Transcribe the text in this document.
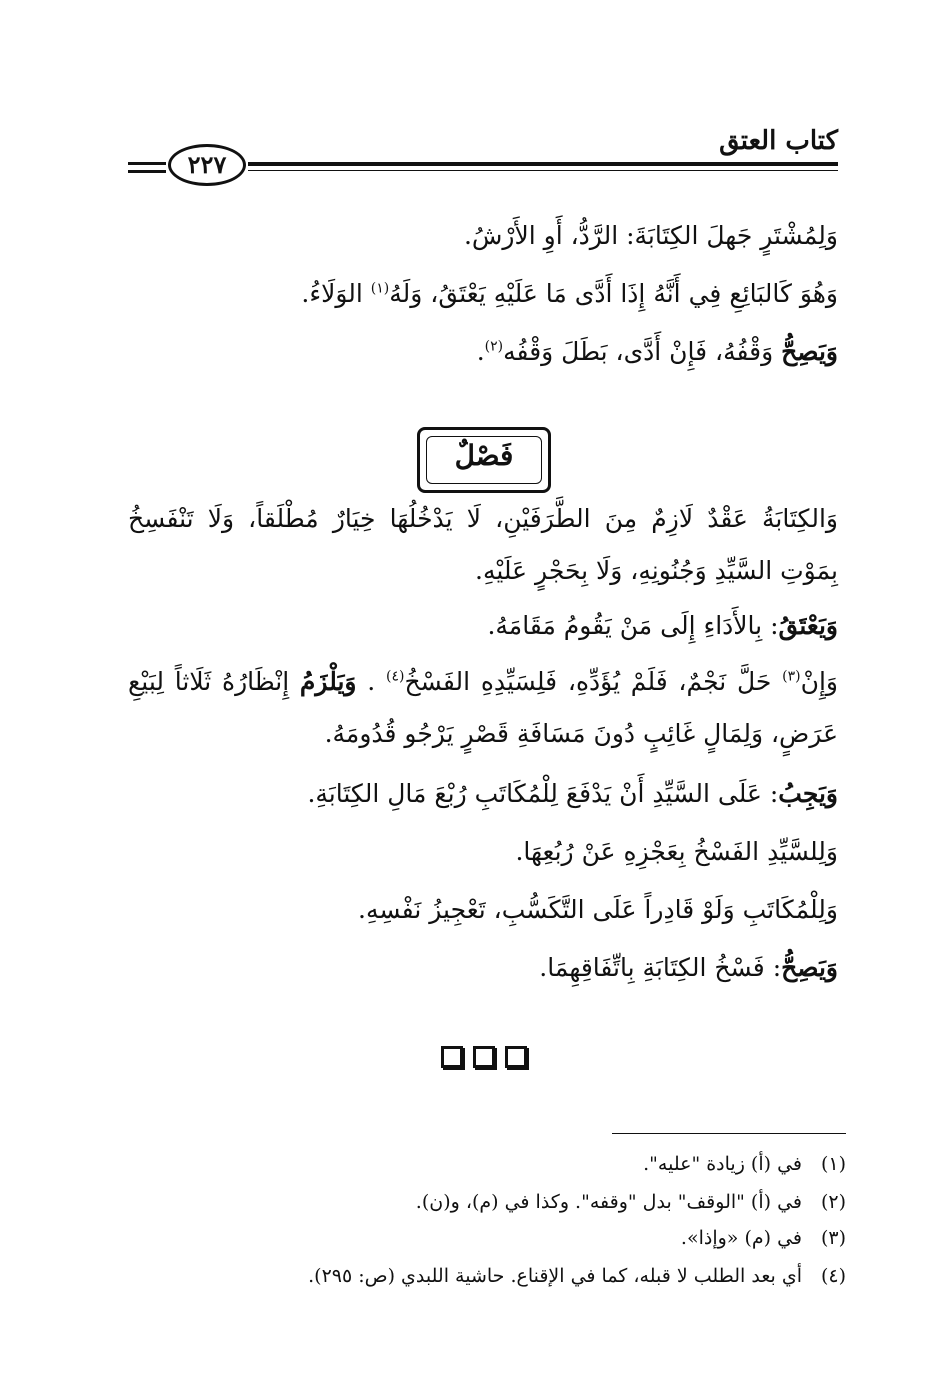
كتاب العتق
٢٢٧
وَلِمُشْتَرٍ جَهلَ الكِتَابَةَ: الرَّدُّ، أَوِ الأَرْشُ.
وَهُوَ كَالبَائِعِ فِي أَنَّهُ إِذَا أَدَّى مَا عَلَيْهِ يَعْتَقُ، وَلَهُ$^{(١)}$ الوَلَاءُ.
وَيَصِحُّ وَقْفُهُ، فَإِنْ أَدَّى، بَطَلَ وَقْفُه$^{(٢)}$.
فَصْلٌ
وَالكِتَابَةُ عَقْدٌ لَازِمٌ مِنَ الطَّرَفَيْنِ، لَا يَدْخُلُهَا خِيَارٌ مُطْلَقاً، وَلَا تَنْفَسِخُ بِمَوْتِ السَّيِّدِ وَجُنُونِهِ، وَلَا بِحَجْرٍ عَلَيْهِ.
وَيَعْتَقُ: بِالأَدَاءِ إِلَى مَنْ يَقُومُ مَقَامَهُ.
وَإِنْ$^{(٣)}$ حَلَّ نَجْمٌ، فَلَمْ يُؤَدِّهِ، فَلِسَيِّدِهِ الفَسْخُ$^{(٤)}$ . وَيَلْزَمُ إِنْظَارُهُ ثَلَاثاً لِبَيْعِ عَرَضٍ، وَلِمَالٍ غَائِبٍ دُونَ مَسَافَةِ قَصْرٍ يَرْجُو قُدُومَهُ.
وَيَجِبُ: عَلَى السَّيِّدِ أَنْ يَدْفَعَ لِلْمُكَاتَبِ رُبْعَ مَالِ الكِتَابَةِ.
وَلِلسَّيِّدِ الفَسْخُ بِعَجْزِهِ عَنْ رُبُعِهَا.
وَلِلْمُكَاتَبِ وَلَوْ قَادِراً عَلَى التَّكَسُّبِ، تَعْجِيزُ نَفْسِهِ.
وَيَصِحُّ: فَسْخُ الكِتَابَةِ بِاتِّفَاقِهِمَا.
(١)في (أ) زيادة "عليه".
(٢)في (أ) "الوقف" بدل "وقفه". وكذا في (م)، و(ن).
(٣)في (م) «وإذا».
(٤)أي بعد الطلب لا قبله، كما في الإقناع. حاشية اللبدي (ص: ٢٩٥).
